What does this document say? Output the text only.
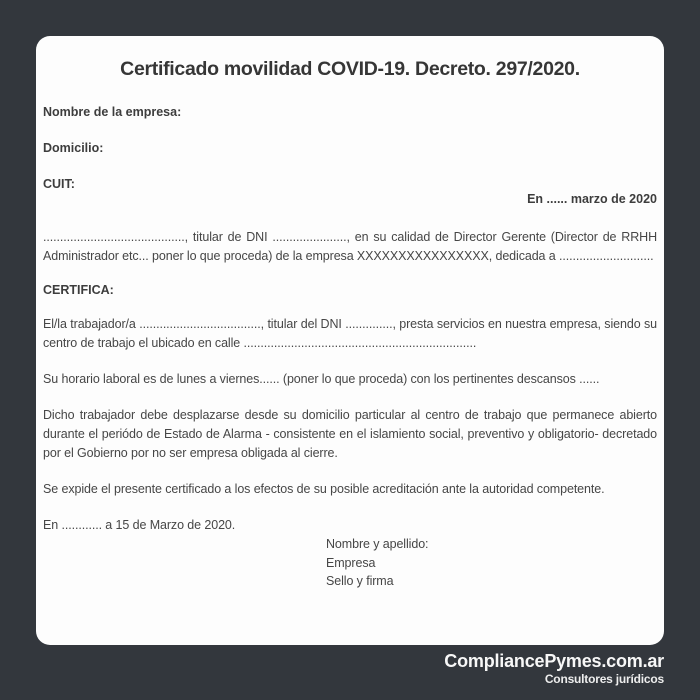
Certificado movilidad COVID-19. Decreto. 297/2020.
Nombre de la empresa:
Domicilio:
CUIT:
En ...... marzo de 2020

.........................................., titular de DNI ......................, en su calidad de Director Gerente (Director de RRHH Administrador etc... poner lo que proceda) de la empresa XXXXXXXXXXXXXXXX, dedicada a ............................

CERTIFICA:

El/la trabajador/a ...................................., titular del DNI .............., presta servicios en nuestra empresa, siendo su centro de trabajo el ubicado en calle .....................................................................

Su horario laboral es de lunes a viernes...... (poner lo que proceda) con los pertinentes descansos ......

Dicho trabajador debe desplazarse desde su domicilio particular al centro de trabajo que permanece abierto durante el periódo de Estado de Alarma - consistente en el islamiento social, preventivo y obligatorio- decretado por el Gobierno por no ser empresa obligada al cierre.

Se expide el presente certificado a los efectos de su posible acreditación ante la autoridad competente.

En ............ a 15 de Marzo de 2020.

Nombre y apellido:
Empresa
Sello y firma
CompliancePymes.com.ar
Consultores jurídicos
